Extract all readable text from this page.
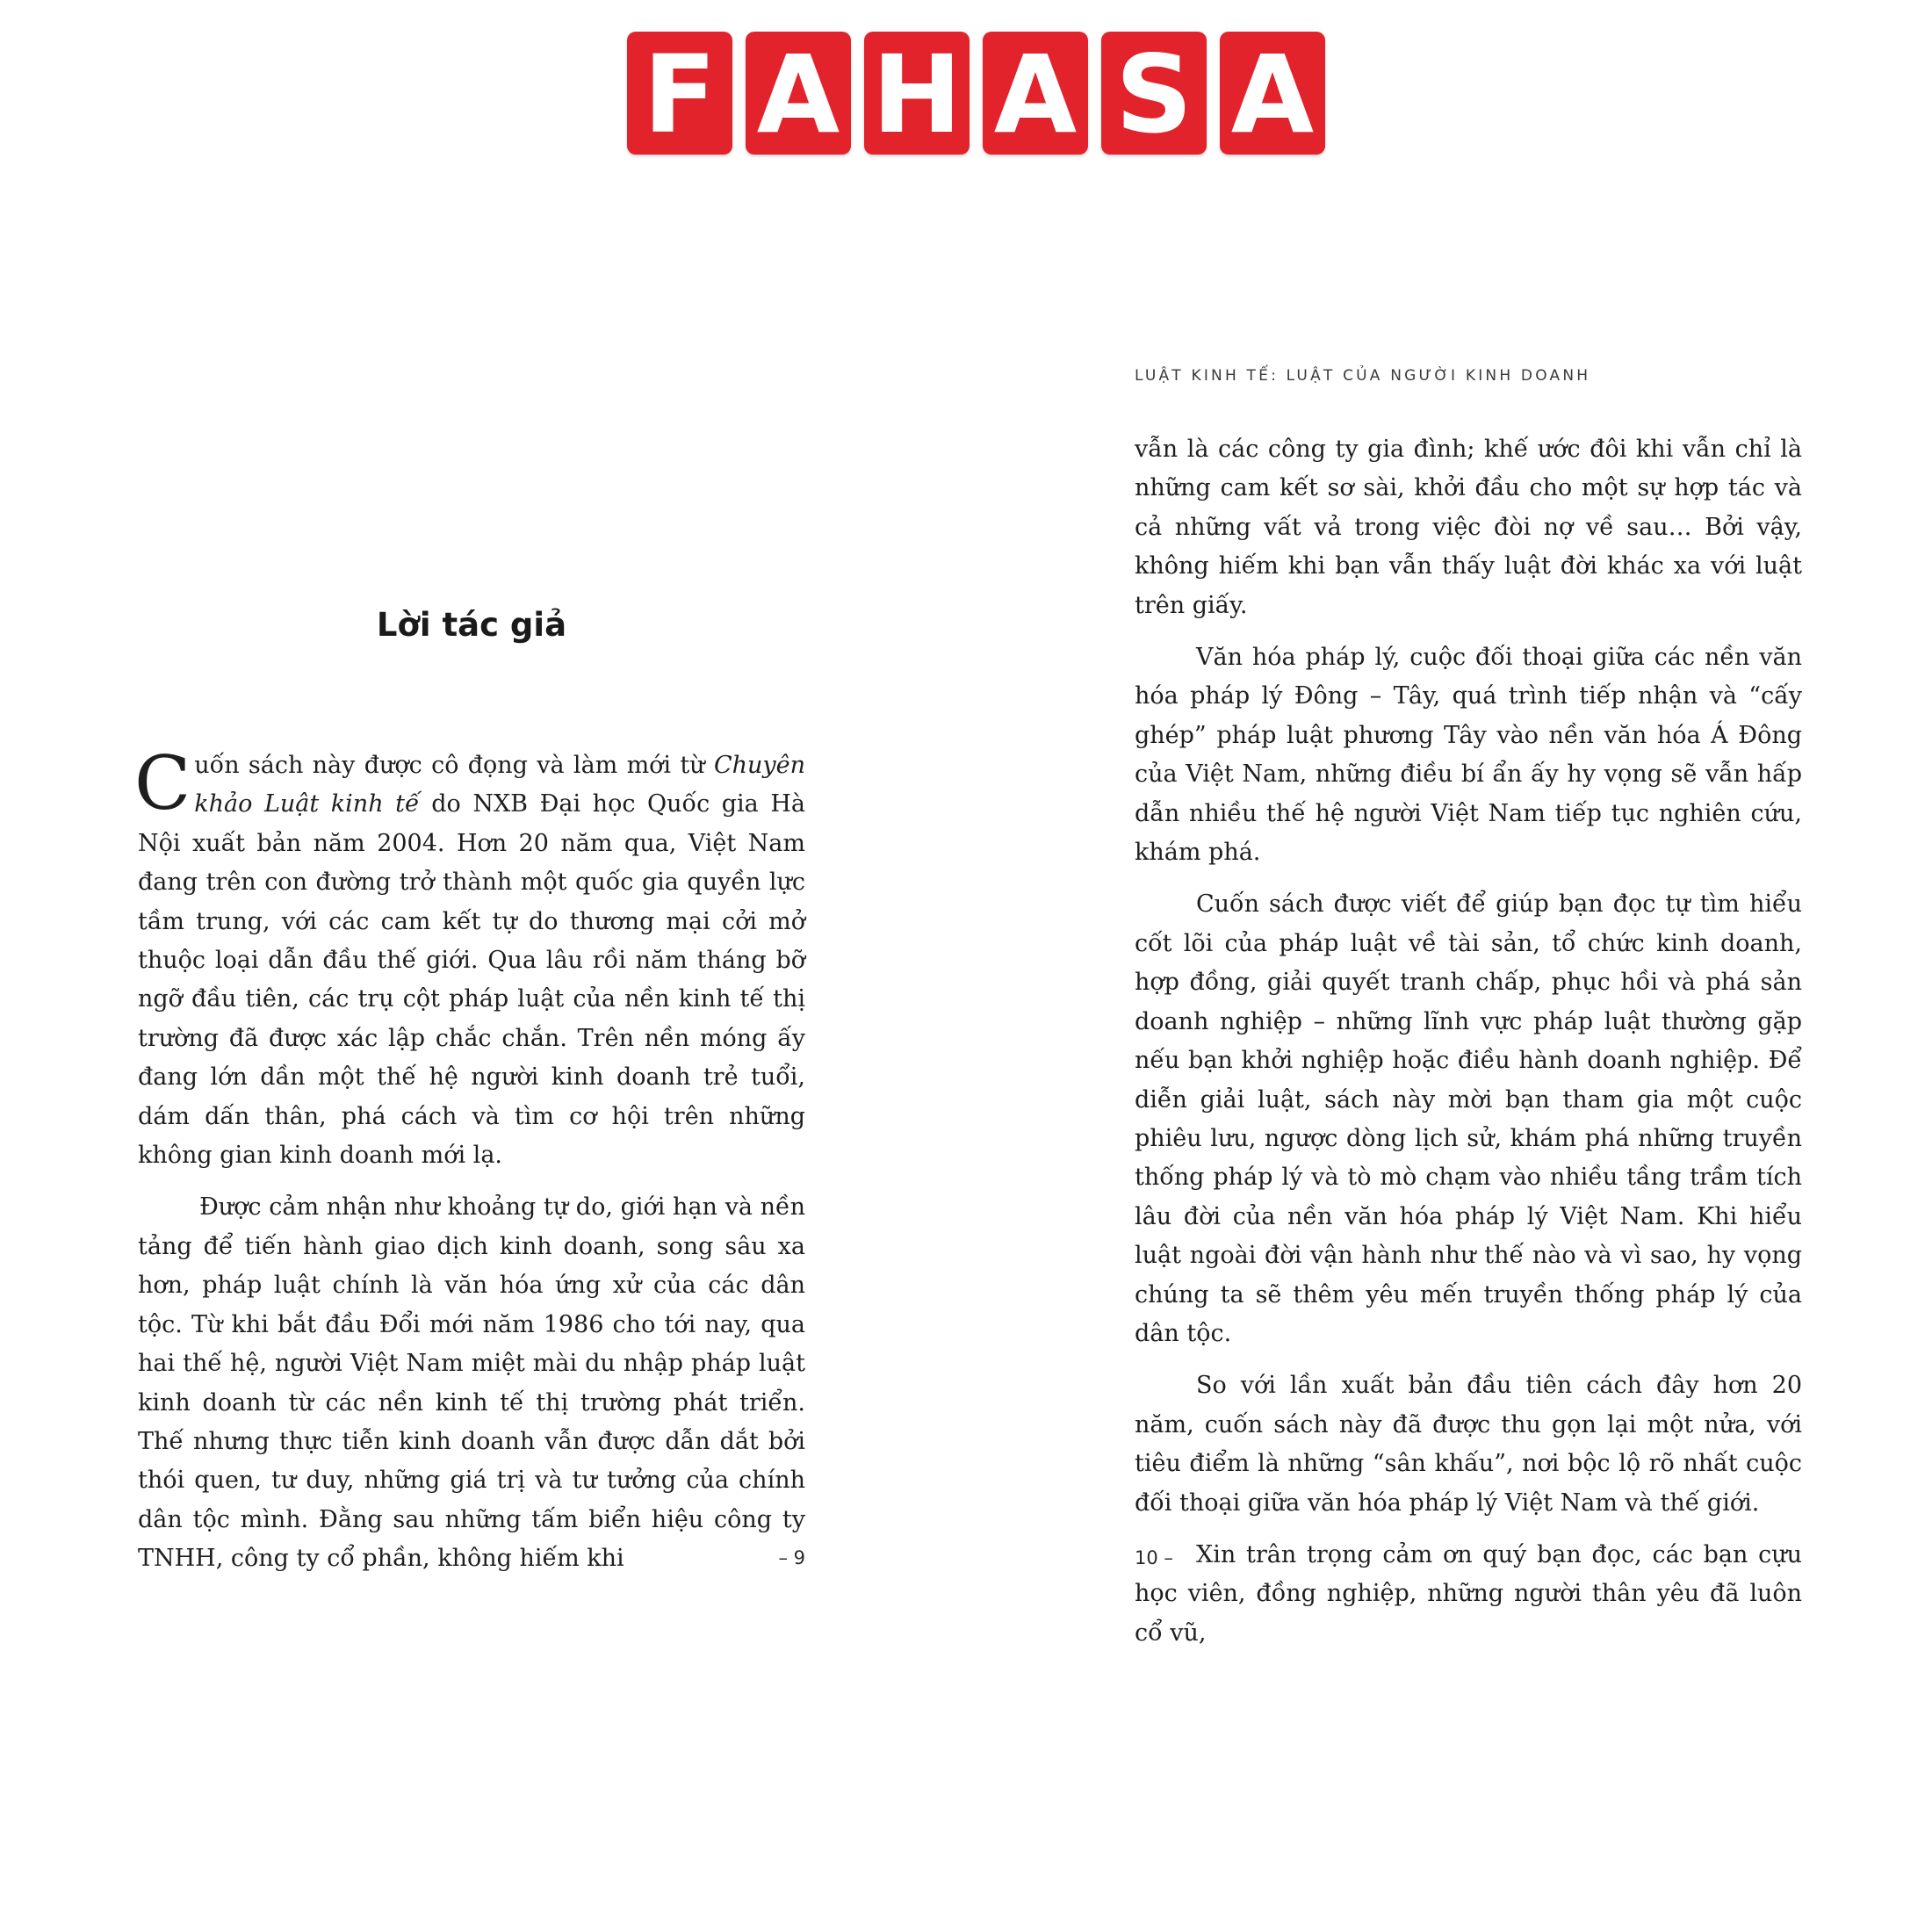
F A H A S A
Lời tác giả

Cuốn sách này được cô đọng và làm mới từ Chuyên khảo Luật kinh tế do NXB Đại học Quốc gia Hà Nội xuất bản năm 2004. Hơn 20 năm qua, Việt Nam đang trên con đường trở thành một quốc gia quyền lực tầm trung, với các cam kết tự do thương mại cởi mở thuộc loại dẫn đầu thế giới. Qua lâu rồi năm tháng bỡ ngỡ đầu tiên, các trụ cột pháp luật của nền kinh tế thị trường đã được xác lập chắc chắn. Trên nền móng ấy đang lớn dần một thế hệ người kinh doanh trẻ tuổi, dám dấn thân, phá cách và tìm cơ hội trên những không gian kinh doanh mới lạ.

Được cảm nhận như khoảng tự do, giới hạn và nền tảng để tiến hành giao dịch kinh doanh, song sâu xa hơn, pháp luật chính là văn hóa ứng xử của các dân tộc. Từ khi bắt đầu Đổi mới năm 1986 cho tới nay, qua hai thế hệ, người Việt Nam miệt mài du nhập pháp luật kinh doanh từ các nền kinh tế thị trường phát triển. Thế nhưng thực tiễn kinh doanh vẫn được dẫn dắt bởi thói quen, tư duy, những giá trị và tư tưởng của chính dân tộc mình. Đằng sau những tấm biển hiệu công ty TNHH, công ty cổ phần, không hiếm khi	– 9
LUẬT KINH TẾ: LUẬT CỦA NGƯỜI KINH DOANH

vẫn là các công ty gia đình; khế ước đôi khi vẫn chỉ là những cam kết sơ sài, khởi đầu cho một sự hợp tác và cả những vất vả trong việc đòi nợ về sau… Bởi vậy, không hiếm khi bạn vẫn thấy luật đời khác xa với luật trên giấy.

Văn hóa pháp lý, cuộc đối thoại giữa các nền văn hóa pháp lý Đông – Tây, quá trình tiếp nhận và “cấy ghép” pháp luật phương Tây vào nền văn hóa Á Đông của Việt Nam, những điều bí ẩn ấy hy vọng sẽ vẫn hấp dẫn nhiều thế hệ người Việt Nam tiếp tục nghiên cứu, khám phá.

Cuốn sách được viết để giúp bạn đọc tự tìm hiểu cốt lõi của pháp luật về tài sản, tổ chức kinh doanh, hợp đồng, giải quyết tranh chấp, phục hồi và phá sản doanh nghiệp – những lĩnh vực pháp luật thường gặp nếu bạn khởi nghiệp hoặc điều hành doanh nghiệp. Để diễn giải luật, sách này mời bạn tham gia một cuộc phiêu lưu, ngược dòng lịch sử, khám phá những truyền thống pháp lý và tò mò chạm vào nhiều tầng trầm tích lâu đời của nền văn hóa pháp lý Việt Nam. Khi hiểu luật ngoài đời vận hành như thế nào và vì sao, hy vọng chúng ta sẽ thêm yêu mến truyền thống pháp lý của dân tộc.

So với lần xuất bản đầu tiên cách đây hơn 20 năm, cuốn sách này đã được thu gọn lại một nửa, với tiêu điểm là những “sân khấu”, nơi bộc lộ rõ nhất cuộc đối thoại giữa văn hóa pháp lý Việt Nam và thế giới.

Xin trân trọng cảm ơn quý bạn đọc, các bạn cựu học viên, đồng nghiệp, những người thân yêu đã luôn cổ vũ,

10 –
